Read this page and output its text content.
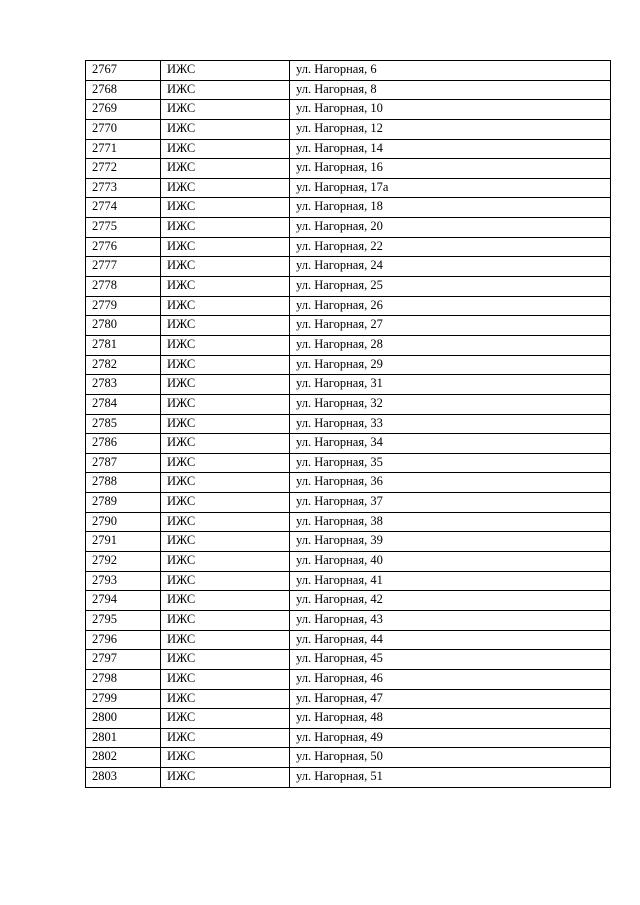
2767	ИЖС	ул. Нагорная, 6
2768	ИЖС	ул. Нагорная, 8
2769	ИЖС	ул. Нагорная, 10
2770	ИЖС	ул. Нагорная, 12
2771	ИЖС	ул. Нагорная, 14
2772	ИЖС	ул. Нагорная, 16
2773	ИЖС	ул. Нагорная, 17а
2774	ИЖС	ул. Нагорная, 18
2775	ИЖС	ул. Нагорная, 20
2776	ИЖС	ул. Нагорная, 22
2777	ИЖС	ул. Нагорная, 24
2778	ИЖС	ул. Нагорная, 25
2779	ИЖС	ул. Нагорная, 26
2780	ИЖС	ул. Нагорная, 27
2781	ИЖС	ул. Нагорная, 28
2782	ИЖС	ул. Нагорная, 29
2783	ИЖС	ул. Нагорная, 31
2784	ИЖС	ул. Нагорная, 32
2785	ИЖС	ул. Нагорная, 33
2786	ИЖС	ул. Нагорная, 34
2787	ИЖС	ул. Нагорная, 35
2788	ИЖС	ул. Нагорная, 36
2789	ИЖС	ул. Нагорная, 37
2790	ИЖС	ул. Нагорная, 38
2791	ИЖС	ул. Нагорная, 39
2792	ИЖС	ул. Нагорная, 40
2793	ИЖС	ул. Нагорная, 41
2794	ИЖС	ул. Нагорная, 42
2795	ИЖС	ул. Нагорная, 43
2796	ИЖС	ул. Нагорная, 44
2797	ИЖС	ул. Нагорная, 45
2798	ИЖС	ул. Нагорная, 46
2799	ИЖС	ул. Нагорная, 47
2800	ИЖС	ул. Нагорная, 48
2801	ИЖС	ул. Нагорная, 49
2802	ИЖС	ул. Нагорная, 50
2803	ИЖС	ул. Нагорная, 51
